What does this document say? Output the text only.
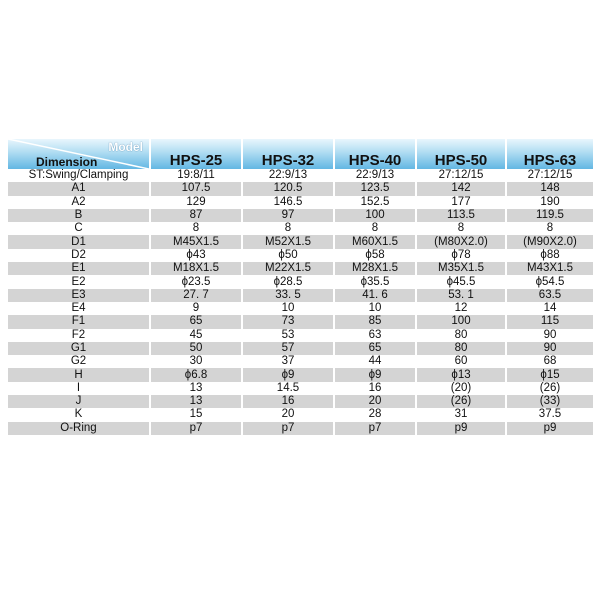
Model
Dimension	HPS-25	HPS-32	HPS-40	HPS-50	HPS-63
ST:Swing/Clamping	19:8/11	22:9/13	22:9/13	27:12/15	27:12/15
A1	107.5	120.5	123.5	142	148
A2	129	146.5	152.5	177	190
B	87	97	100	113.5	119.5
C	8	8	8	8	8
D1	M45X1.5	M52X1.5	M60X1.5	(M80X2.0)	(M90X2.0)
D2	ϕ43	ϕ50	ϕ58	ϕ78	ϕ88
E1	M18X1.5	M22X1.5	M28X1.5	M35X1.5	M43X1.5
E2	ϕ23.5	ϕ28.5	ϕ35.5	ϕ45.5	ϕ54.5
E3	27. 7	33. 5	41. 6	53. 1	63.5
E4	9	10	10	12	14
F1	65	73	85	100	115
F2	45	53	63	80	90
G1	50	57	65	80	90
G2	30	37	44	60	68
H	ϕ6.8	ϕ9	ϕ9	ϕ13	ϕ15
I	13	14.5	16	(20)	(26)
J	13	16	20	(26)	(33)
K	15	20	28	31	37.5
O-Ring	p7	p7	p7	p9	p9
